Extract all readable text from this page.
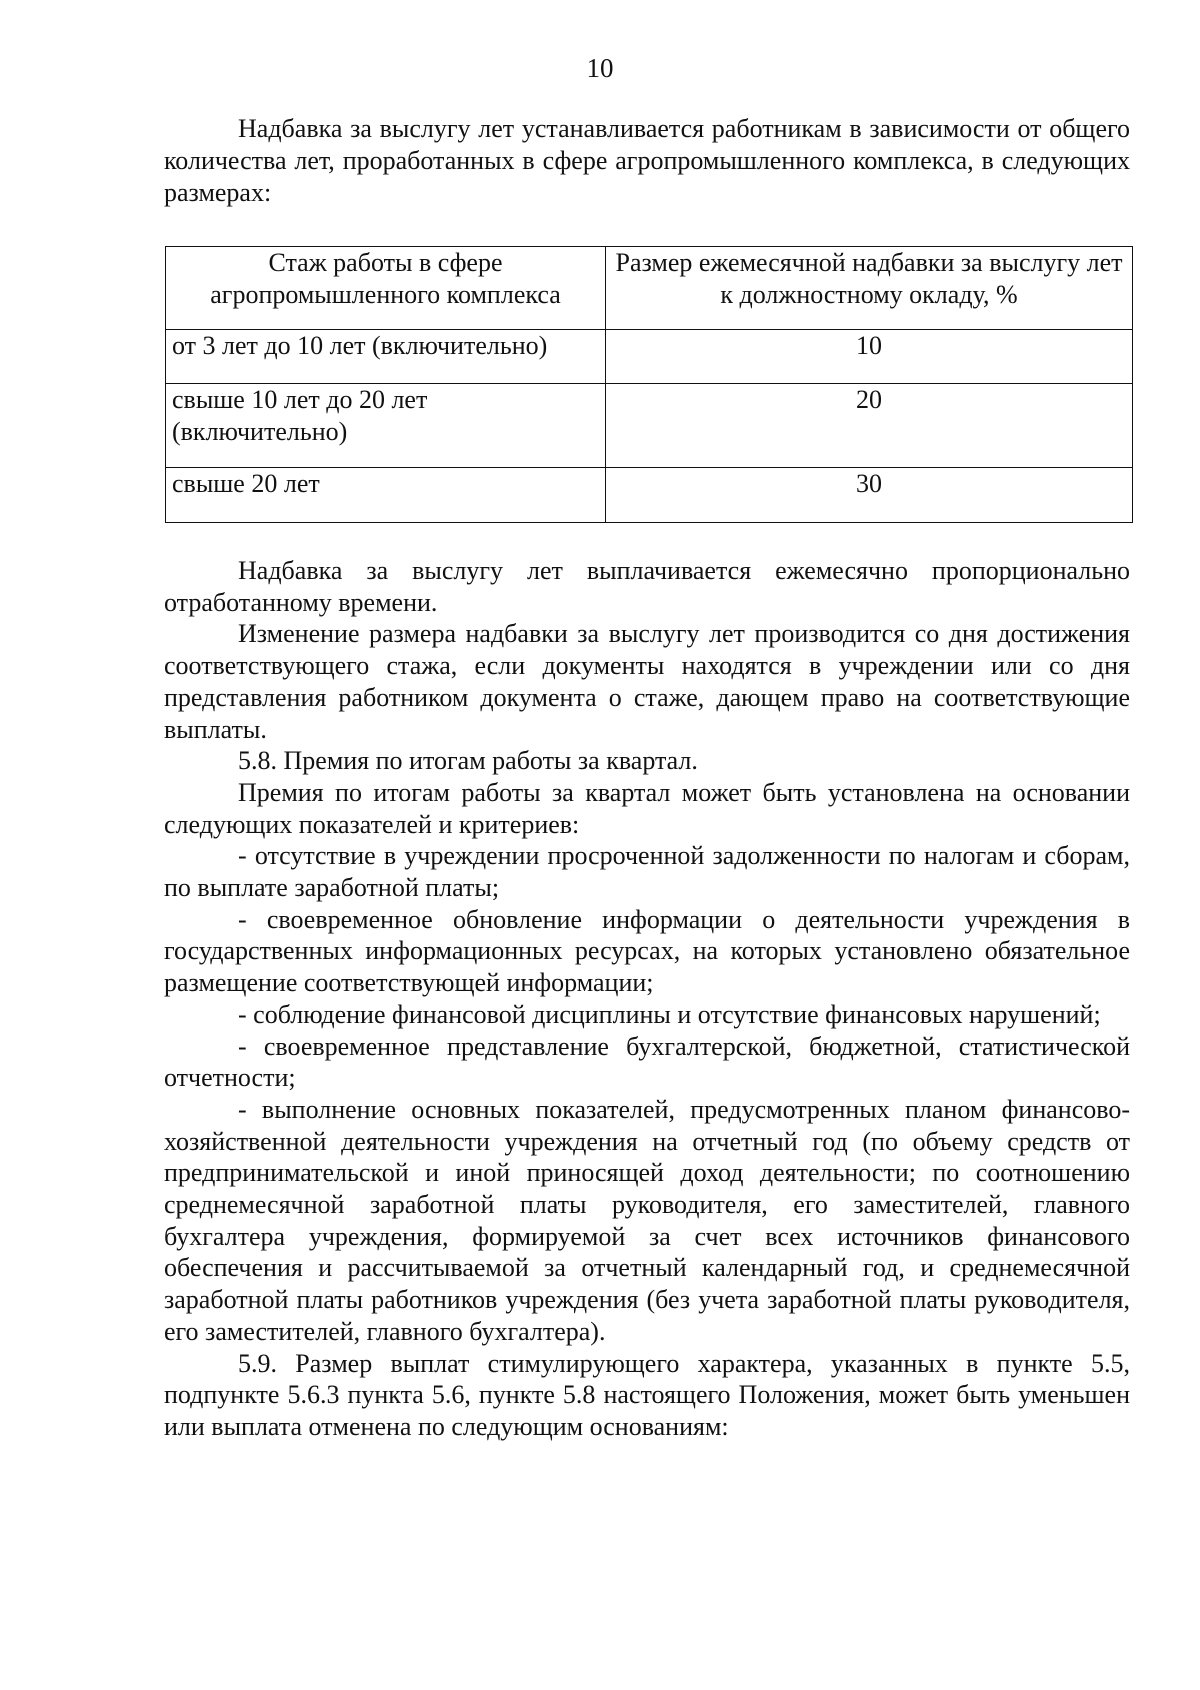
10

Надбавка за выслугу лет устанавливается работникам в зависимости от общего количества лет, проработанных в сфере агропромышленного комплекса, в следующих размерах:

Стаж работы в сфере агропромышленного комплекса	Размер ежемесячной надбавки за выслугу лет к должностному окладу, %
от 3 лет до 10 лет (включительно)	10
свыше 10 лет до 20 лет (включительно)	20
свыше 20 лет	30

Надбавка за выслугу лет выплачивается ежемесячно пропорционально отработанному времени.

Изменение размера надбавки за выслугу лет производится со дня достижения соответствующего стажа, если документы находятся в учреждении или со дня представления работником документа о стаже, дающем право на соответствующие выплаты.

5.8. Премия по итогам работы за квартал.

Премия по итогам работы за квартал может быть установлена на основании следующих показателей и критериев:

- отсутствие в учреждении просроченной задолженности по налогам и сборам, по выплате заработной платы;

- своевременное обновление информации о деятельности учреждения в государственных информационных ресурсах, на которых установлено обязательное размещение соответствующей информации;

- соблюдение финансовой дисциплины и отсутствие финансовых нарушений;

- своевременное представление бухгалтерской, бюджетной, статистической отчетности;

- выполнение основных показателей, предусмотренных планом финансово-хозяйственной деятельности учреждения на отчетный год (по объему средств от предпринимательской и иной приносящей доход деятельности; по соотношению среднемесячной заработной платы руководителя, его заместителей, главного бухгалтера учреждения, формируемой за счет всех источников финансового обеспечения и рассчитываемой за отчетный календарный год, и среднемесячной заработной платы работников учреждения (без учета заработной платы руководителя, его заместителей, главного бухгалтера).

5.9. Размер выплат стимулирующего характера, указанных в пункте 5.5, подпункте 5.6.3 пункта 5.6, пункте 5.8 настоящего Положения, может быть уменьшен или выплата отменена по следующим основаниям:
